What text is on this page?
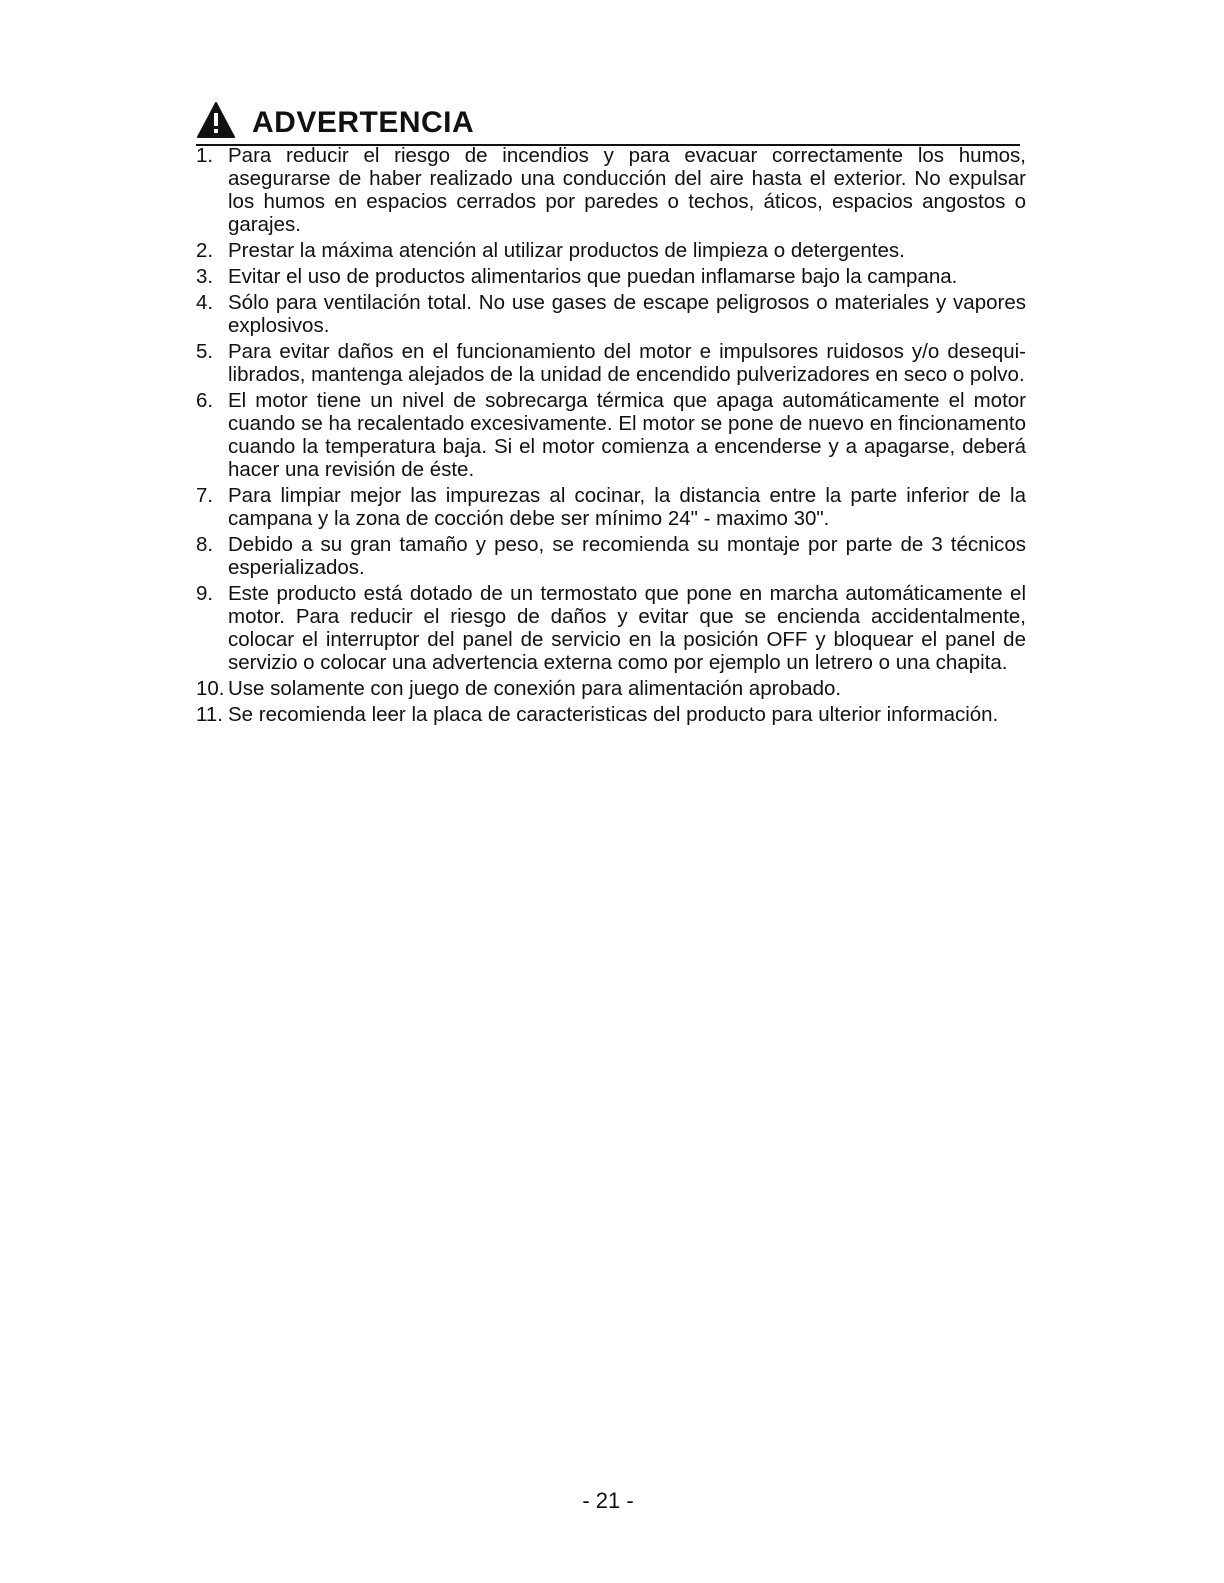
ADVERTENCIA
1. Para reducir el riesgo de incendios y para evacuar correctamente los humos, asegurarse de haber realizado una conducción del aire hasta el exterior. No expulsar los humos en espacios cerrados por paredes o techos, áticos, espacios angostos o garajes.
2. Prestar la máxima atención al utilizar productos de limpieza o detergentes.
3. Evitar el uso de productos alimentarios que puedan inflamarse bajo la campana.
4. Sólo para ventilación total. No use gases de escape peligrosos o materiales y vapores explosivos.
5. Para evitar daños en el funcionamiento del motor e impulsores ruidosos y/o desequi-librados, mantenga alejados de la unidad de encendido pulverizadores en seco o polvo.
6. El motor tiene un nivel de sobrecarga térmica que apaga automáticamente el motor cuando se ha recalentado excesivamente. El motor se pone de nuevo en fincionamento cuando la temperatura baja. Si el motor comienza a encenderse y a apagarse, deberá hacer una revisión de éste.
7. Para limpiar mejor las impurezas al cocinar, la distancia entre la parte inferior de la campana y la zona de cocción debe ser mínimo 24" - maximo 30".
8. Debido a su gran tamaño y peso, se recomienda su montaje por parte de 3 técnicos esperializados.
9. Este producto está dotado de un termostato que pone en marcha automáticamente el motor. Para reducir el riesgo de daños y evitar que se encienda accidentalmente, colocar el interruptor del panel de servicio en la posición OFF y bloquear el panel de servizio o colocar una advertencia externa como por ejemplo un letrero o una chapita.
10. Use solamente con juego de conexión para alimentación aprobado.
11. Se recomienda leer la placa de caracteristicas del producto para ulterior información.
- 21 -
